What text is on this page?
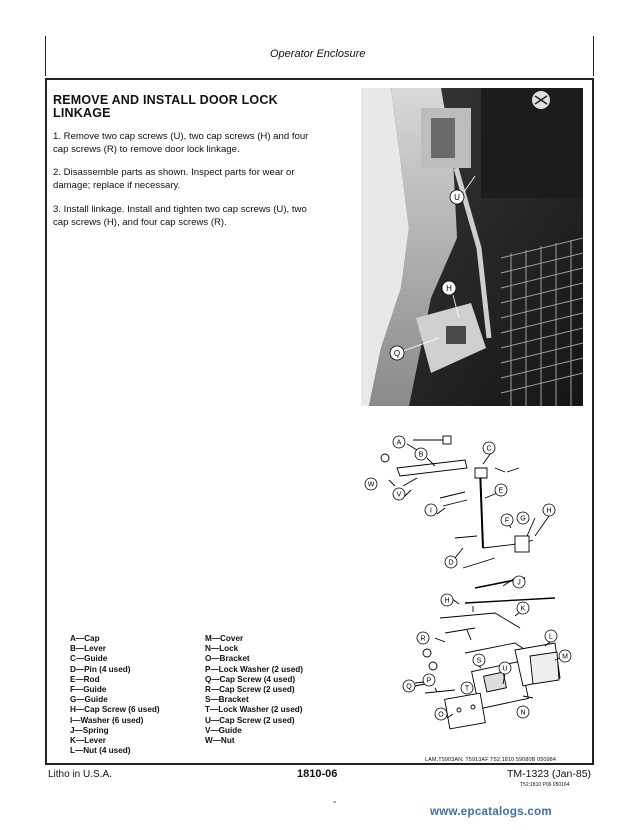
Operator Enclosure
REMOVE AND INSTALL DOOR LOCK
LINKAGE
1. Remove two cap screws (U), two cap screws (H) and four
cap screws (R) to remove door lock linkage.
2. Disassemble parts as shown. Inspect parts for wear or
damage; replace if necessary.
3. Install linkage. Install and tighten two cap screws (U), two
cap screws (H), and four cap screws (R).
U
H
Q
A
B
C
W
V
E
I
F G
H
D
J
H
K
R	L
S
M
Q
P
O
T
N
U
A—Cap
B—Lever
C—Guide
D—Pin (4 used)
E—Rod
F—Guide
G—Guide
H—Cap Screw (6 used)
I—Washer (6 used)
J—Spring
K—Lever
L—Nut (4 used)
M—Cover
N—Lock
O—Bracket
P—Lock Washer (2 used)
Q—Cap Screw (4 used)
R—Cap Screw (2 used)
S—Bracket
T—Lock Washer (2 used)
U—Cap Screw (2 used)
V—Guide
W—Nut
LAM,T5903AN, T5913AF T52;1810 59080B 050984
Litho in U.S.A.	1810-06	TM-1323 (Jan-85)
T52;1810 P06 050164
-
www.epcatalogs.com
